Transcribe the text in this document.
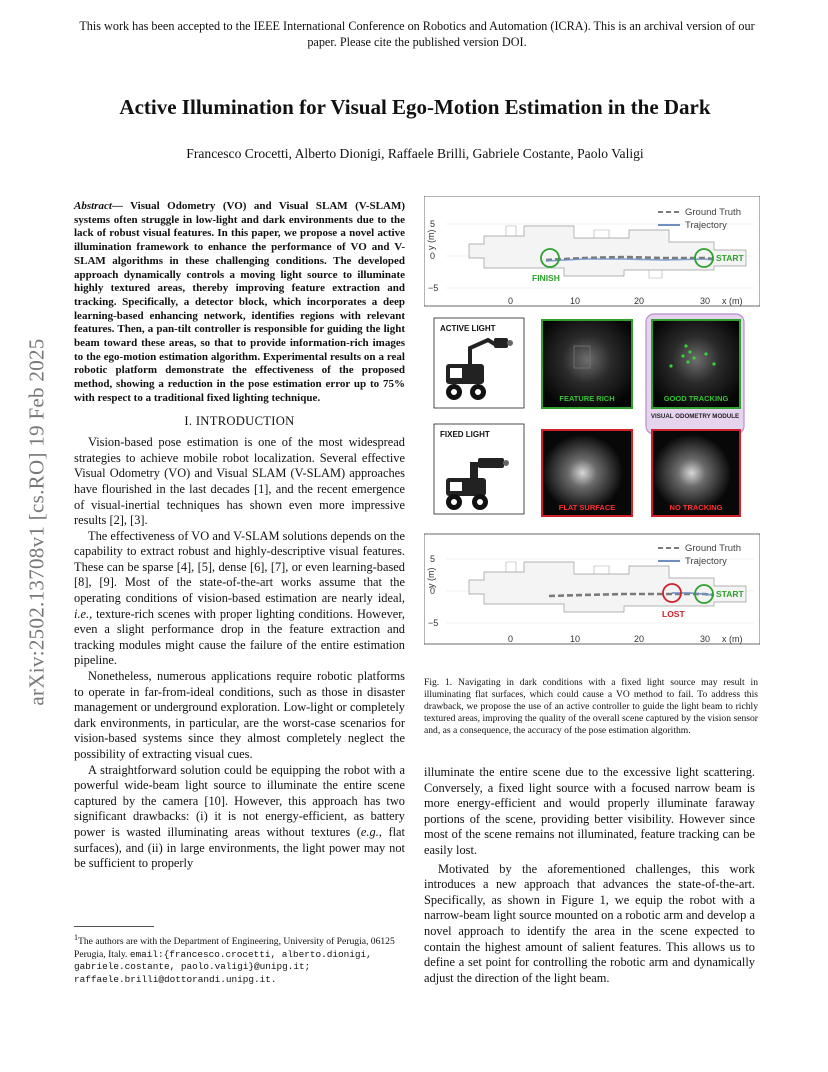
This work has been accepted to the IEEE International Conference on Robotics and Automation (ICRA). This is an archival version of our paper. Please cite the published version DOI.
Active Illumination for Visual Ego-Motion Estimation in the Dark
Francesco Crocetti, Alberto Dionigi, Raffaele Brilli, Gabriele Costante, Paolo Valigi
arXiv:2502.13708v1 [cs.RO] 19 Feb 2025
Abstract— Visual Odometry (VO) and Visual SLAM (V-SLAM) systems often struggle in low-light and dark environments due to the lack of robust visual features. In this paper, we propose a novel active illumination framework to enhance the performance of VO and V-SLAM algorithms in these challenging conditions. The developed approach dynamically controls a moving light source to illuminate highly textured areas, thereby improving feature extraction and tracking. Specifically, a detector block, which incorporates a deep learning-based enhancing network, identifies regions with relevant features. Then, a pan-tilt controller is responsible for guiding the light beam toward these areas, so that to provide information-rich images to the ego-motion estimation algorithm. Experimental results on a real robotic platform demonstrate the effectiveness of the proposed method, showing a reduction in the pose estimation error up to 75% with respect to a traditional fixed lighting technique.
I. INTRODUCTION

Vision-based pose estimation is one of the most widespread strategies to achieve mobile robot localization. Several effective Visual Odometry (VO) and Visual SLAM (V-SLAM) approaches have flourished in the last decades [1], and the recent emergence of visual-inertial techniques has shown even more impressive results [2], [3].

The effectiveness of VO and V-SLAM solutions depends on the capability to extract robust and highly-descriptive visual features. These can be sparse [4], [5], dense [6], [7], or even learning-based [8], [9]. Most of the state-of-the-art works assume that the operating conditions of vision-based estimation are nearly ideal, i.e., texture-rich scenes with proper lighting conditions. However, even a slight performance drop in the feature extraction and tracking modules might cause the failure of the entire estimation pipeline.

Nonetheless, numerous applications require robotic platforms to operate in far-from-ideal conditions, such as those in disaster management or underground exploration. Low-light or completely dark environments, in particular, are the worst-case scenarios for vision-based systems since they almost completely neglect the possibility of extracting visual cues.

A straightforward solution could be equipping the robot with a powerful wide-beam light source to illuminate the entire scene captured by the camera [10]. However, this approach has two significant drawbacks: (i) it is not energy-efficient, as battery power is wasted illuminating areas without textures (e.g., flat surfaces), and (ii) in large environments, the light power may not be sufficient to properly

$^1$The authors are with the Department of Engineering, University of Perugia, 06125 Perugia, Italy. email:{francesco.crocetti, alberto.dionigi, gabriele.costante, paolo.valigi}@unipg.it; raffaele.brilli@dottorandi.unipg.it.
y (m)
5
0
−5
FINISH
START
Ground Truth
Trajectory
0	10	20	30 x (m)
VISUAL ODOMETRY MODULE
ACTIVE LIGHT
FEATURE RICH	GOOD TRACKING
FIXED LIGHT
FLAT SURFACE	NO TRACKING
y (m)
5
0
−5
LOST
START
Ground Truth
Trajectory
0	10	20	30 x (m)
Fig. 1. Navigating in dark conditions with a fixed light source may result in illuminating flat surfaces, which could cause a VO method to fail. To address this drawback, we propose the use of an active controller to guide the light beam to richly textured areas, improving the quality of the overall scene captured by the vision sensor and, as a consequence, the accuracy of the pose estimation algorithm.

illuminate the entire scene due to the excessive light scattering. Conversely, a fixed light source with a focused narrow beam is more energy-efficient and would properly illuminate faraway portions of the scene, providing better visibility. However since most of the scene remains not illuminated, feature tracking can be easily lost.

Motivated by the aforementioned challenges, this work introduces a new approach that advances the state-of-the-art. Specifically, as shown in Figure 1, we equip the robot with a narrow-beam light source mounted on a robotic arm and develop a novel approach to identify the area in the scene expected to contain the highest amount of salient features. This allows us to define a set point for controlling the robotic arm and dynamically adjust the direction of the light beam.
